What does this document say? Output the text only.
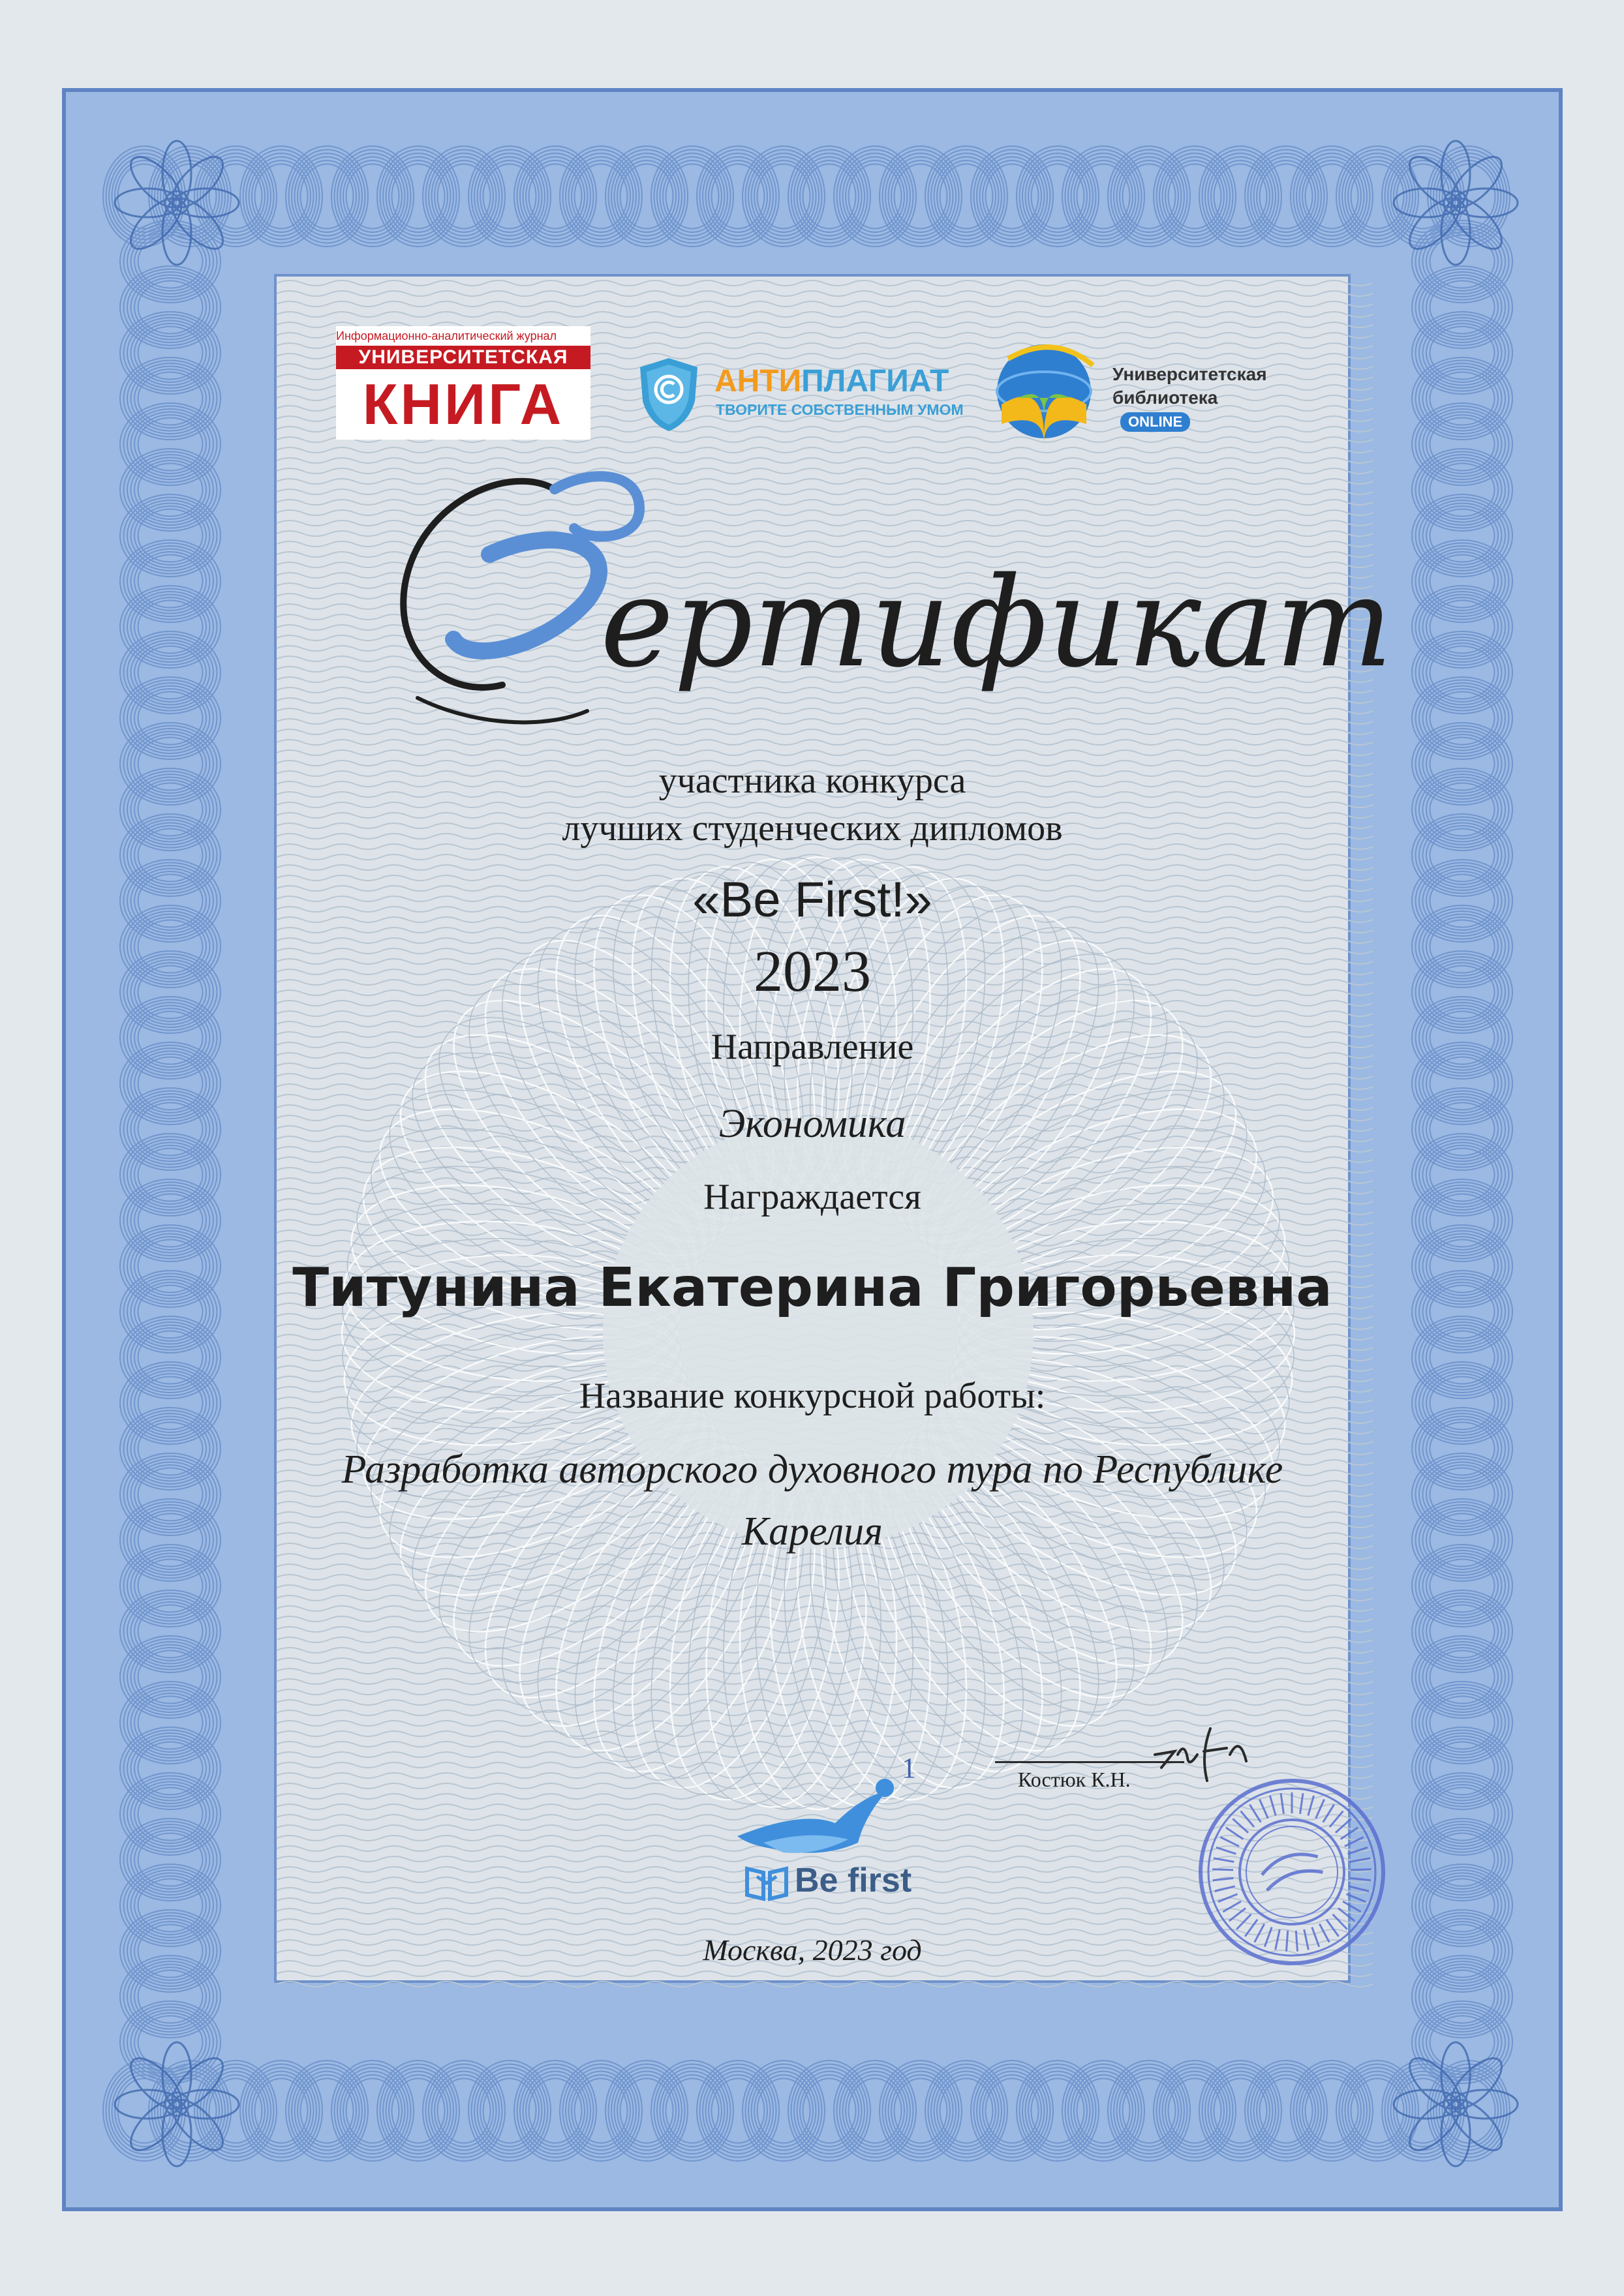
Информационно-аналитический журнал
УНИВЕРСИТЕТСКАЯ
КНИГА	АНТИПЛАГИАТ
ТВОРИТЕ СОБСТВЕННЫМ УМОМ
Университетская
библиотека
ONLINE
ертификат
участника конкурса
лучших студенческих дипломов
«Be First!»
2023
Направление
Экономика
Награждается
Титунина Екатерина Григорьевна
Название конкурсной работы:
Разработка авторского духовного тура по Республике
Карелия
Костюк К.Н.
1
Be first
Москва, 2023 год
